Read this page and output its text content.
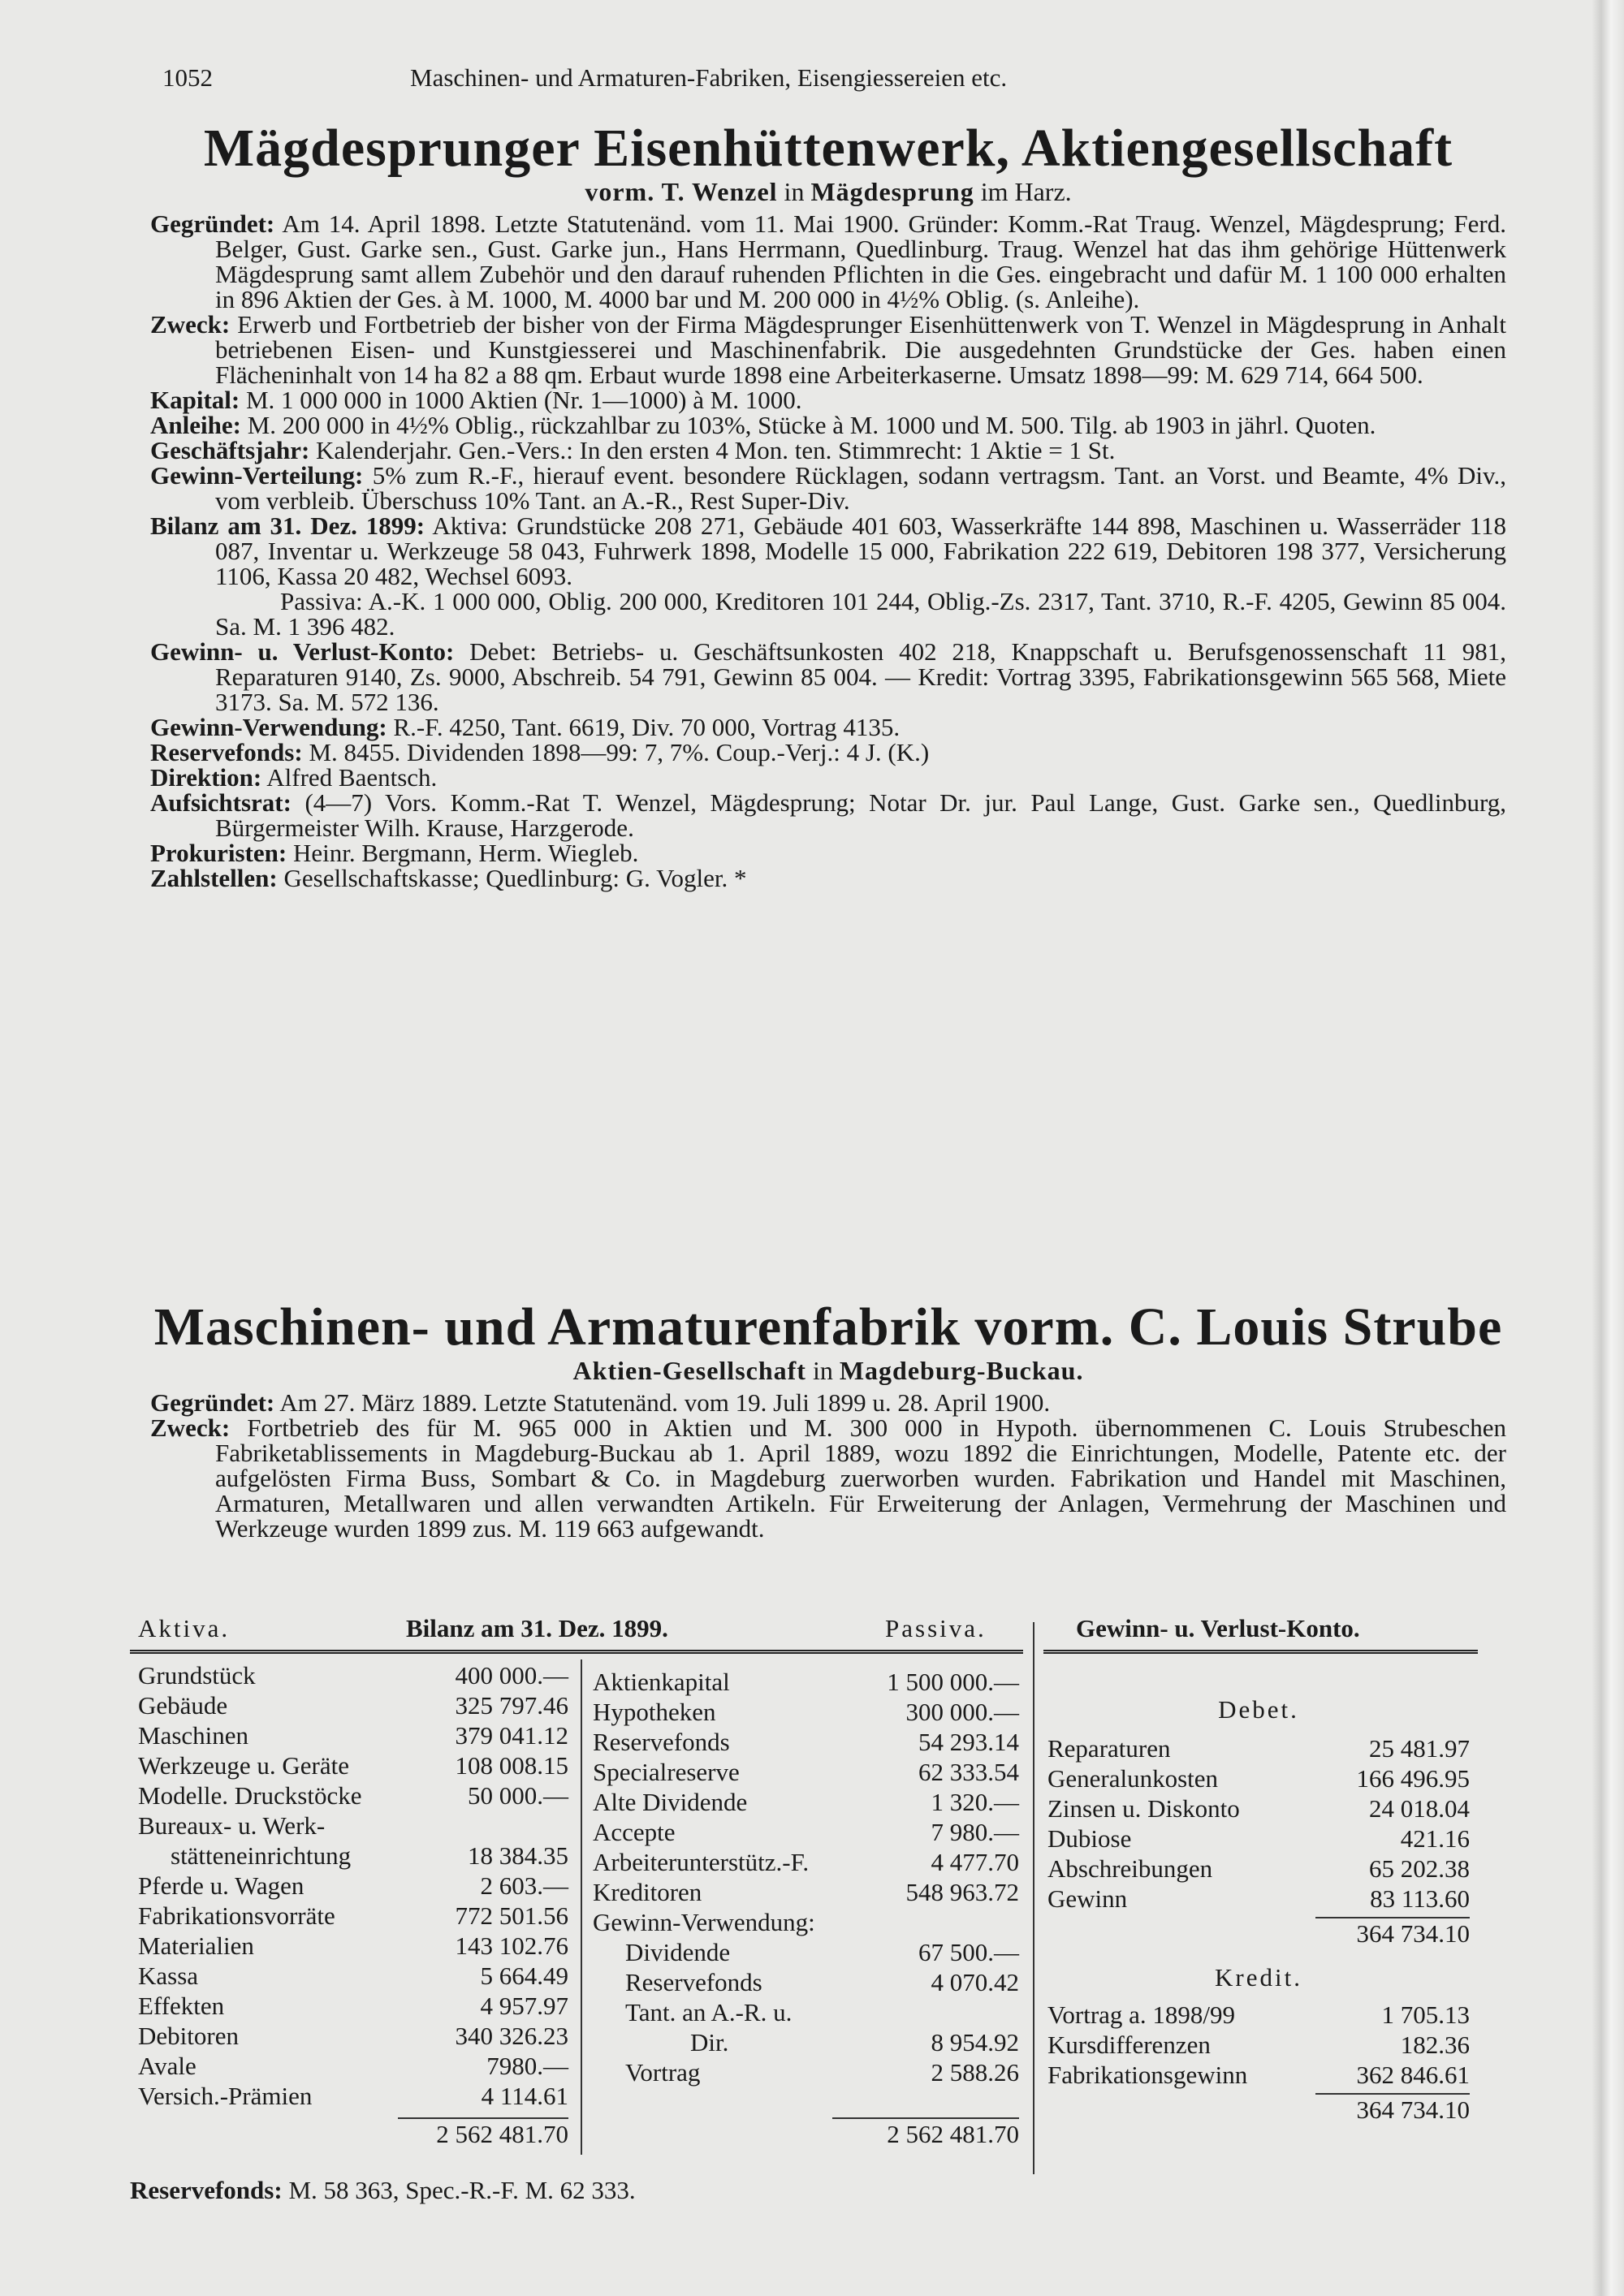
1052	Maschinen- und Armaturen-Fabriken, Eisengiessereien etc.
Mägdesprunger Eisenhüttenwerk, Aktiengesellschaft
vorm. T. Wenzel in Mägdesprung im Harz.

Gegründet: Am 14. April 1898. Letzte Statutenänd. vom 11. Mai 1900. Gründer: Komm.-Rat Traug. Wenzel, Mägdesprung; Ferd. Belger, Gust. Garke sen., Gust. Garke jun., Hans Herrmann, Quedlinburg. Traug. Wenzel hat das ihm gehörige Hüttenwerk Mägdesprung samt allem Zubehör und den darauf ruhenden Pflichten in die Ges. eingebracht und dafür M. 1 100 000 erhalten in 896 Aktien der Ges. à M. 1000, M. 4000 bar und M. 200 000 in 4½% Oblig. (s. Anleihe).

Zweck: Erwerb und Fortbetrieb der bisher von der Firma Mägdesprunger Eisenhüttenwerk von T. Wenzel in Mägdesprung in Anhalt betriebenen Eisen- und Kunstgiesserei und Maschinenfabrik. Die ausgedehnten Grundstücke der Ges. haben einen Flächeninhalt von 14 ha 82 a 88 qm. Erbaut wurde 1898 eine Arbeiterkaserne. Umsatz 1898—99: M. 629 714, 664 500.

Kapital: M. 1 000 000 in 1000 Aktien (Nr. 1—1000) à M. 1000.

Anleihe: M. 200 000 in 4½% Oblig., rückzahlbar zu 103%, Stücke à M. 1000 und M. 500. Tilg. ab 1903 in jährl. Quoten.

Geschäftsjahr: Kalenderjahr. Gen.-Vers.: In den ersten 4 Mon. ten. Stimmrecht: 1 Aktie = 1 St.

Gewinn-Verteilung: 5% zum R.-F., hierauf event. besondere Rücklagen, sodann vertragsm. Tant. an Vorst. und Beamte, 4% Div., vom verbleib. Überschuss 10% Tant. an A.-R., Rest Super-Div.

Bilanz am 31. Dez. 1899: Aktiva: Grundstücke 208 271, Gebäude 401 603, Wasserkräfte 144 898, Maschinen u. Wasserräder 118 087, Inventar u. Werkzeuge 58 043, Fuhrwerk 1898, Modelle 15 000, Fabrikation 222 619, Debitoren 198 377, Versicherung 1106, Kassa 20 482, Wechsel 6093.

Passiva: A.-K. 1 000 000, Oblig. 200 000, Kreditoren 101 244, Oblig.-Zs. 2317, Tant. 3710, R.-F. 4205, Gewinn 85 004. Sa. M. 1 396 482.

Gewinn- u. Verlust-Konto: Debet: Betriebs- u. Geschäftsunkosten 402 218, Knappschaft u. Berufsgenossenschaft 11 981, Reparaturen 9140, Zs. 9000, Abschreib. 54 791, Gewinn 85 004. — Kredit: Vortrag 3395, Fabrikationsgewinn 565 568, Miete 3173. Sa. M. 572 136.

Gewinn-Verwendung: R.-F. 4250, Tant. 6619, Div. 70 000, Vortrag 4135.

Reservefonds: M. 8455. Dividenden 1898—99: 7, 7%. Coup.-Verj.: 4 J. (K.)

Direktion: Alfred Baentsch.

Aufsichtsrat: (4—7) Vors. Komm.-Rat T. Wenzel, Mägdesprung; Notar Dr. jur. Paul Lange, Gust. Garke sen., Quedlinburg, Bürgermeister Wilh. Krause, Harzgerode.

Prokuristen: Heinr. Bergmann, Herm. Wiegleb.

Zahlstellen: Gesellschaftskasse; Quedlinburg: G. Vogler. *

Maschinen- und Armaturenfabrik vorm. C. Louis Strube
Aktien-Gesellschaft in Magdeburg-Buckau.

Gegründet: Am 27. März 1889. Letzte Statutenänd. vom 19. Juli 1899 u. 28. April 1900.

Zweck: Fortbetrieb des für M. 965 000 in Aktien und M. 300 000 in Hypoth. übernommenen C. Louis Strubeschen Fabriketablissements in Magdeburg-Buckau ab 1. April 1889, wozu 1892 die Einrichtungen, Modelle, Patente etc. der aufgelösten Firma Buss, Sombart & Co. in Magdeburg zuerworben wurden. Fabrikation und Handel mit Maschinen, Armaturen, Metallwaren und allen verwandten Artikeln. Für Erweiterung der Anlagen, Vermehrung der Maschinen und Werkzeuge wurden 1899 zus. M. 119 663 aufgewandt.

Aktiva.	Bilanz am 31. Dez. 1899.	Passiva.	Gewinn- u. Verlust-Konto.
Grundstück	400 000.—
Gebäude	325 797.46
Maschinen	379 041.12
Werkzeuge u. Geräte	108 008.15
Modelle. Druckstöcke	50 000.—
Bureaux- u. Werk-
stätteneinrichtung	18 384.35
Pferde u. Wagen	2 603.—
Fabrikationsvorräte	772 501.56
Materialien	143 102.76
Kassa	5 664.49
Effekten	4 957.97
Debitoren	340 326.23
Avale	7980.—
Versich.-Prämien	4 114.61
2 562 481.70
Aktienkapital	1 500 000.—
Hypotheken	300 000.—
Reservefonds	54 293.14
Specialreserve	62 333.54
Alte Dividende	1 320.—
Accepte	7 980.—
Arbeiterunterstütz.-F.	4 477.70
Kreditoren	548 963.72
Gewinn-Verwendung:
Dividende	67 500.—
Reservefonds	4 070.42
Tant. an A.-R. u.
Dir.	8 954.92
Vortrag	2 588.26
2 562 481.70
Debet.
Reparaturen	25 481.97
Generalunkosten	166 496.95
Zinsen u. Diskonto	24 018.04
Dubiose	421.16
Abschreibungen	65 202.38
Gewinn	83 113.60
364 734.10
Kredit.
Vortrag a. 1898/99	1 705.13
Kursdifferenzen	182.36
Fabrikationsgewinn	362 846.61
364 734.10
Reservefonds: M. 58 363, Spec.-R.-F. M. 62 333.
